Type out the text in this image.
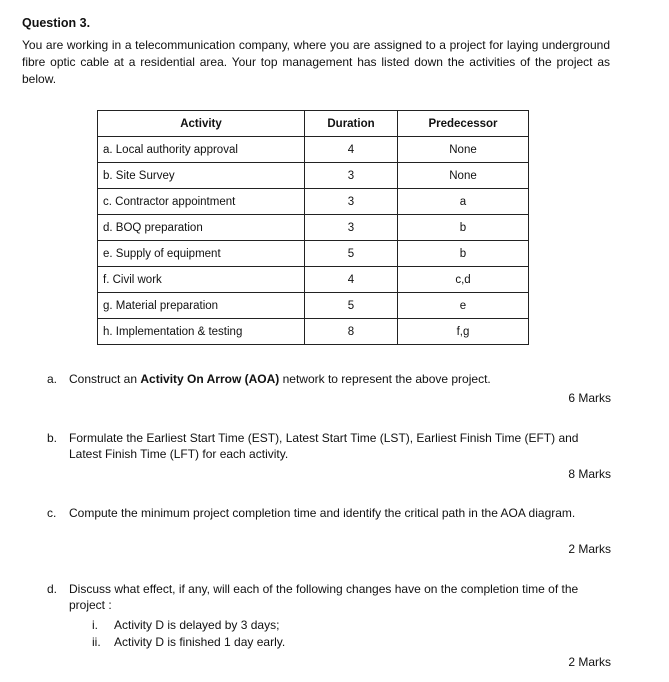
Question 3.
You are working in a telecommunication company, where you are assigned to a project for laying underground fibre optic cable at a residential area. Your top management has listed down the activities of the project as below.
Activity	Duration	Predecessor
a. Local authority approval	4	None
b. Site Survey	3	None
c. Contractor appointment	3	a
d. BOQ preparation	3	b
e. Supply of equipment	5	b
f. Civil work	4	c,d
g. Material preparation	5	e
h. Implementation & testing	8	f,g
a. Construct an Activity On Arrow (AOA) network to represent the above project.
6 Marks
b. Formulate the Earliest Start Time (EST), Latest Start Time (LST), Earliest Finish Time (EFT) and Latest Finish Time (LFT) for each activity.
8 Marks
c. Compute the minimum project completion time and identify the critical path in the AOA diagram.
2 Marks
d. Discuss what effect, if any, will each of the following changes have on the completion time of the project :
i. Activity D is delayed by 3 days;
ii. Activity D is finished 1 day early.
2 Marks
